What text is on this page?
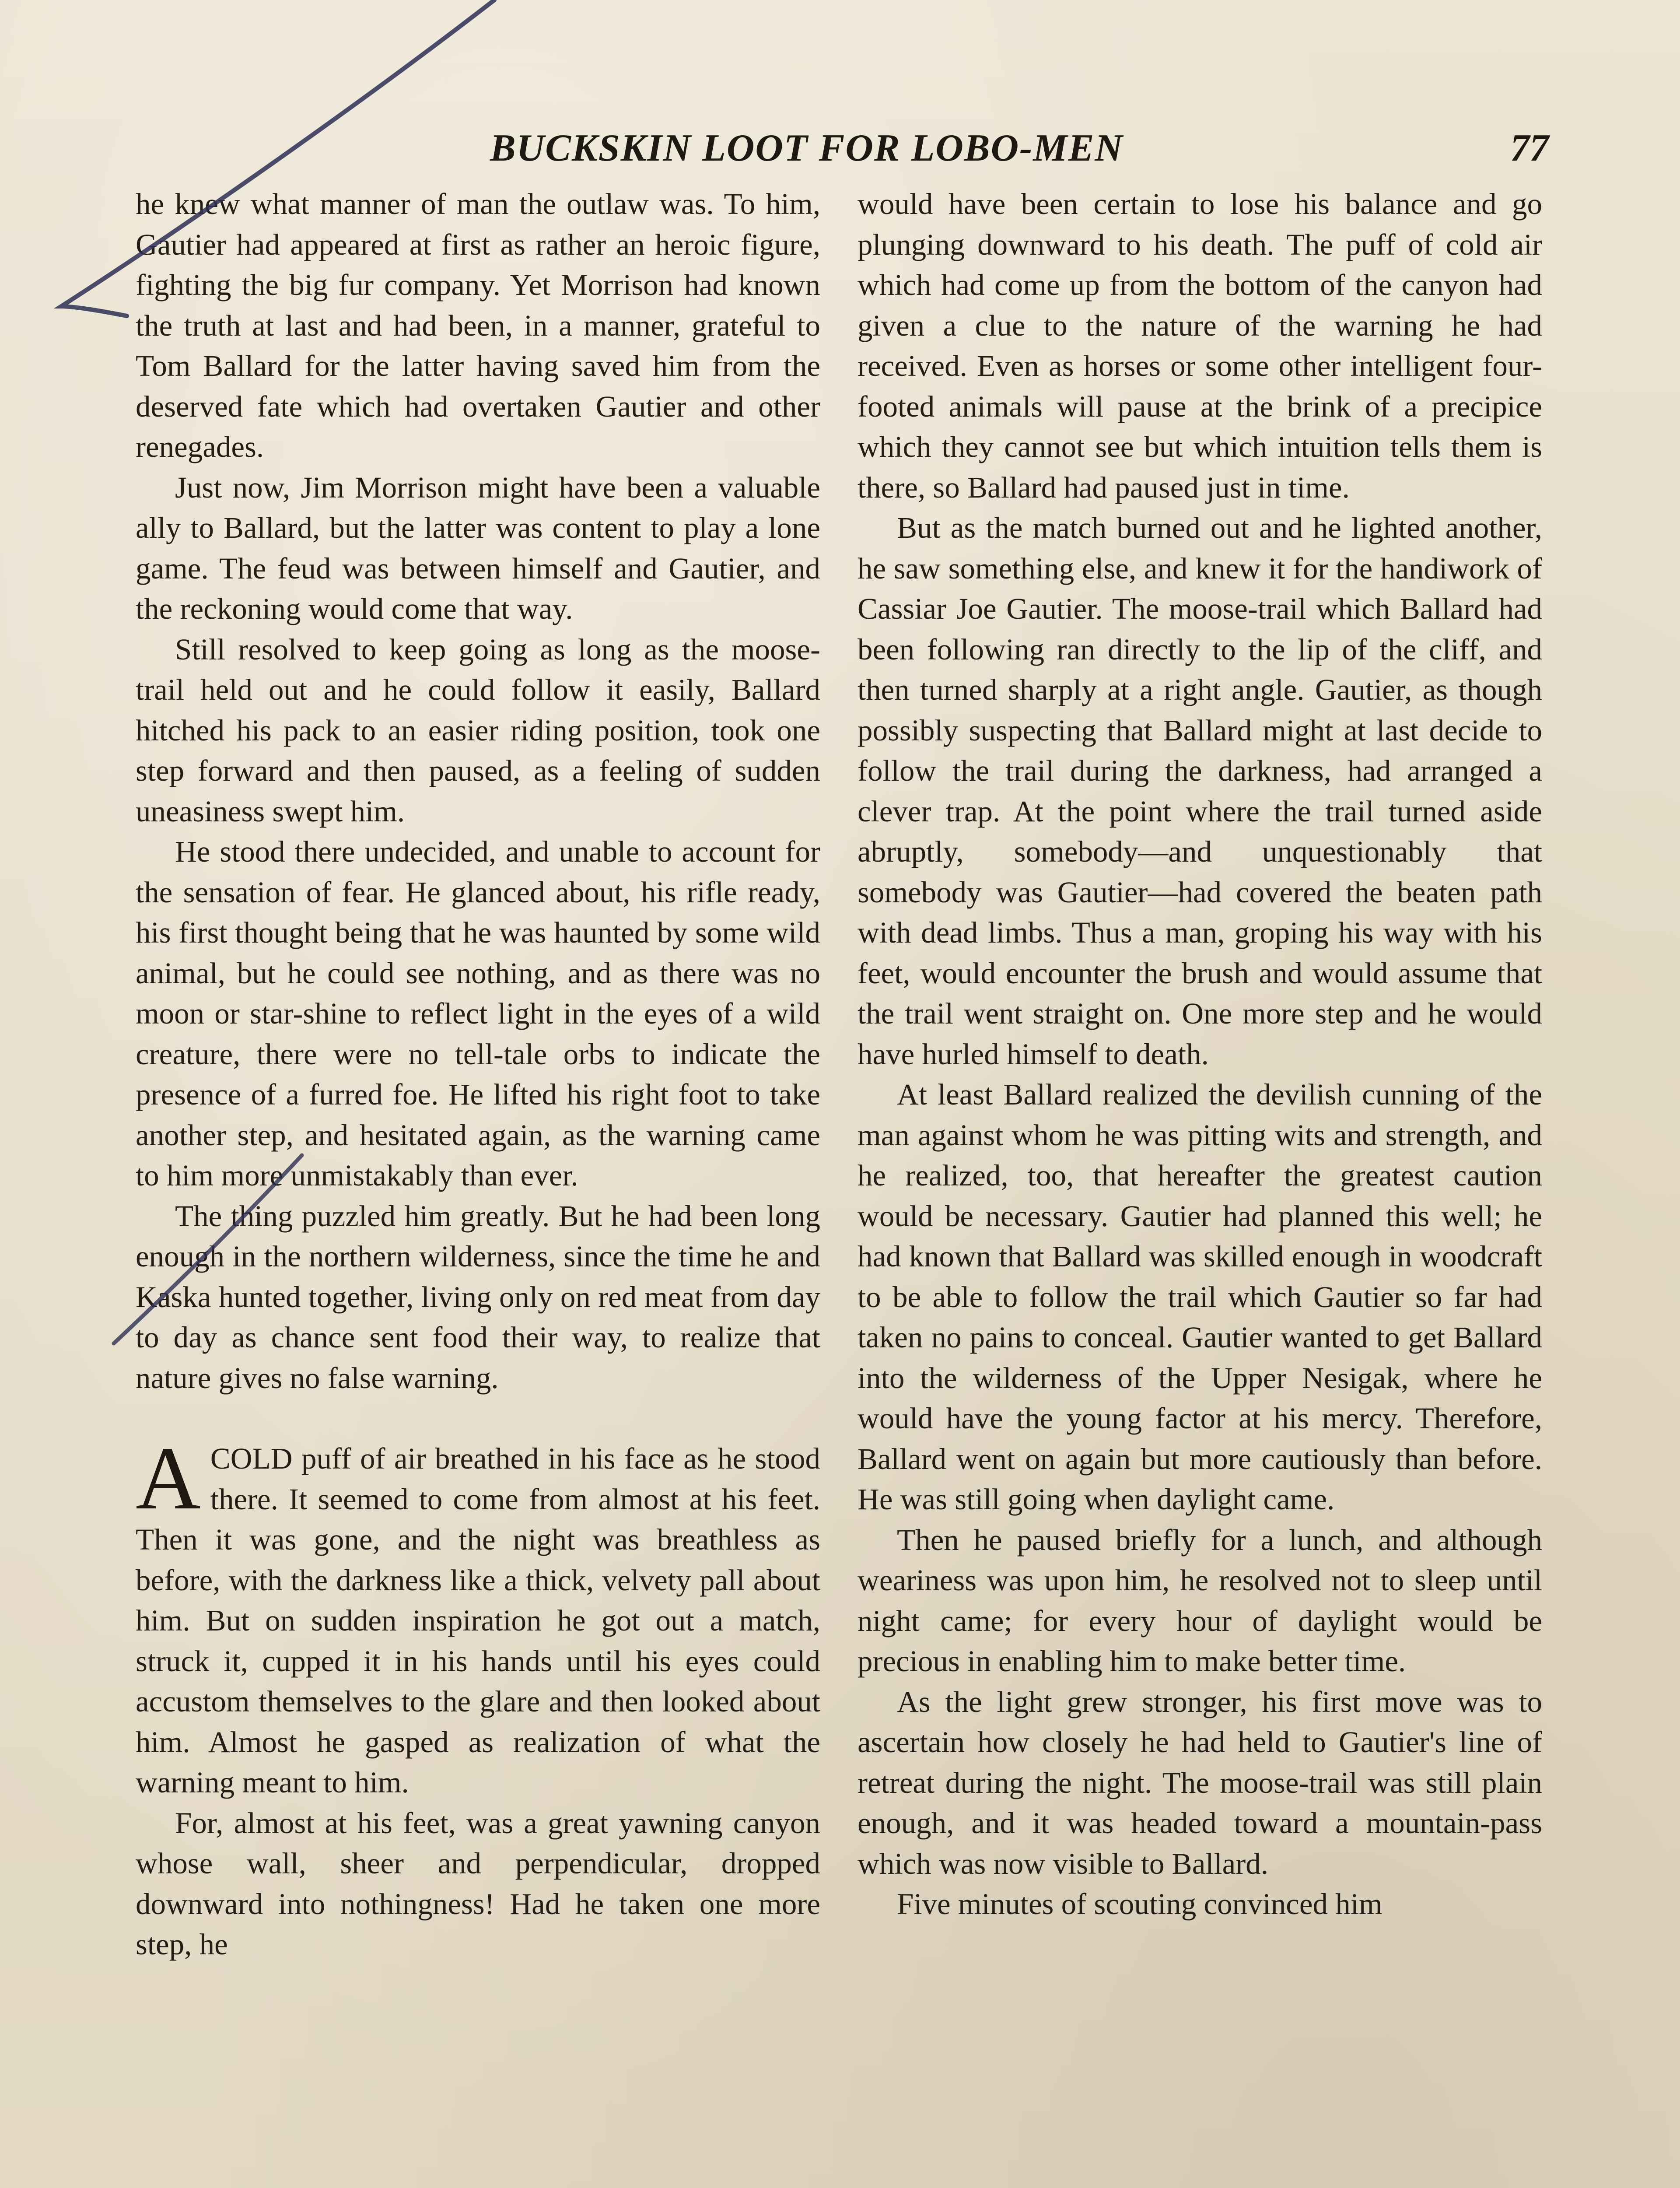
BUCKSKIN LOOT FOR LOBO-MEN	77

he knew what manner of man the outlaw was. To him, Gautier had appeared at first as rather an heroic figure, fighting the big fur company. Yet Morrison had known the truth at last and had been, in a manner, grateful to Tom Ballard for the latter having saved him from the deserved fate which had overtaken Gautier and other renegades.

Just now, Jim Morrison might have been a valuable ally to Ballard, but the latter was content to play a lone game. The feud was between himself and Gautier, and the reckoning would come that way.

Still resolved to keep going as long as the moose-trail held out and he could follow it easily, Ballard hitched his pack to an easier riding position, took one step forward and then paused, as a feeling of sudden uneasiness swept him.

He stood there undecided, and unable to account for the sensation of fear. He glanced about, his rifle ready, his first thought being that he was haunted by some wild animal, but he could see nothing, and as there was no moon or star-shine to reflect light in the eyes of a wild creature, there were no tell-tale orbs to indicate the presence of a furred foe. He lifted his right foot to take another step, and hesitated again, as the warning came to him more unmistakably than ever.

The thing puzzled him greatly. But he had been long enough in the northern wilderness, since the time he and Kaska hunted together, living only on red meat from day to day as chance sent food their way, to realize that nature gives no false warning.

ACOLD puff of air breathed in his face as he stood there. It seemed to come from almost at his feet. Then it was gone, and the night was breathless as before, with the darkness like a thick, velvety pall about him. But on sudden inspiration he got out a match, struck it, cupped it in his hands until his eyes could accustom themselves to the glare and then looked about him. Almost he gasped as realization of what the warning meant to him.

For, almost at his feet, was a great yawning canyon whose wall, sheer and perpendicular, dropped downward into nothingness! Had he taken one more step, he

would have been certain to lose his balance and go plunging downward to his death. The puff of cold air which had come up from the bottom of the canyon had given a clue to the nature of the warning he had received. Even as horses or some other intelligent four-footed animals will pause at the brink of a precipice which they cannot see but which intuition tells them is there, so Ballard had paused just in time.

But as the match burned out and he lighted another, he saw something else, and knew it for the handiwork of Cassiar Joe Gautier. The moose-trail which Ballard had been following ran directly to the lip of the cliff, and then turned sharply at a right angle. Gautier, as though possibly suspecting that Ballard might at last decide to follow the trail during the darkness, had arranged a clever trap. At the point where the trail turned aside abruptly, somebody—and unquestionably that somebody was Gautier—had covered the beaten path with dead limbs. Thus a man, groping his way with his feet, would encounter the brush and would assume that the trail went straight on. One more step and he would have hurled himself to death.

At least Ballard realized the devilish cunning of the man against whom he was pitting wits and strength, and he realized, too, that hereafter the greatest caution would be necessary. Gautier had planned this well; he had known that Ballard was skilled enough in woodcraft to be able to follow the trail which Gautier so far had taken no pains to conceal. Gautier wanted to get Ballard into the wilderness of the Upper Nesigak, where he would have the young factor at his mercy. Therefore, Ballard went on again but more cautiously than before. He was still going when daylight came.

Then he paused briefly for a lunch, and although weariness was upon him, he resolved not to sleep until night came; for every hour of daylight would be precious in enabling him to make better time.

As the light grew stronger, his first move was to ascertain how closely he had held to Gautier's line of retreat during the night. The moose-trail was still plain enough, and it was headed toward a mountain-pass which was now visible to Ballard.

Five minutes of scouting convinced him
